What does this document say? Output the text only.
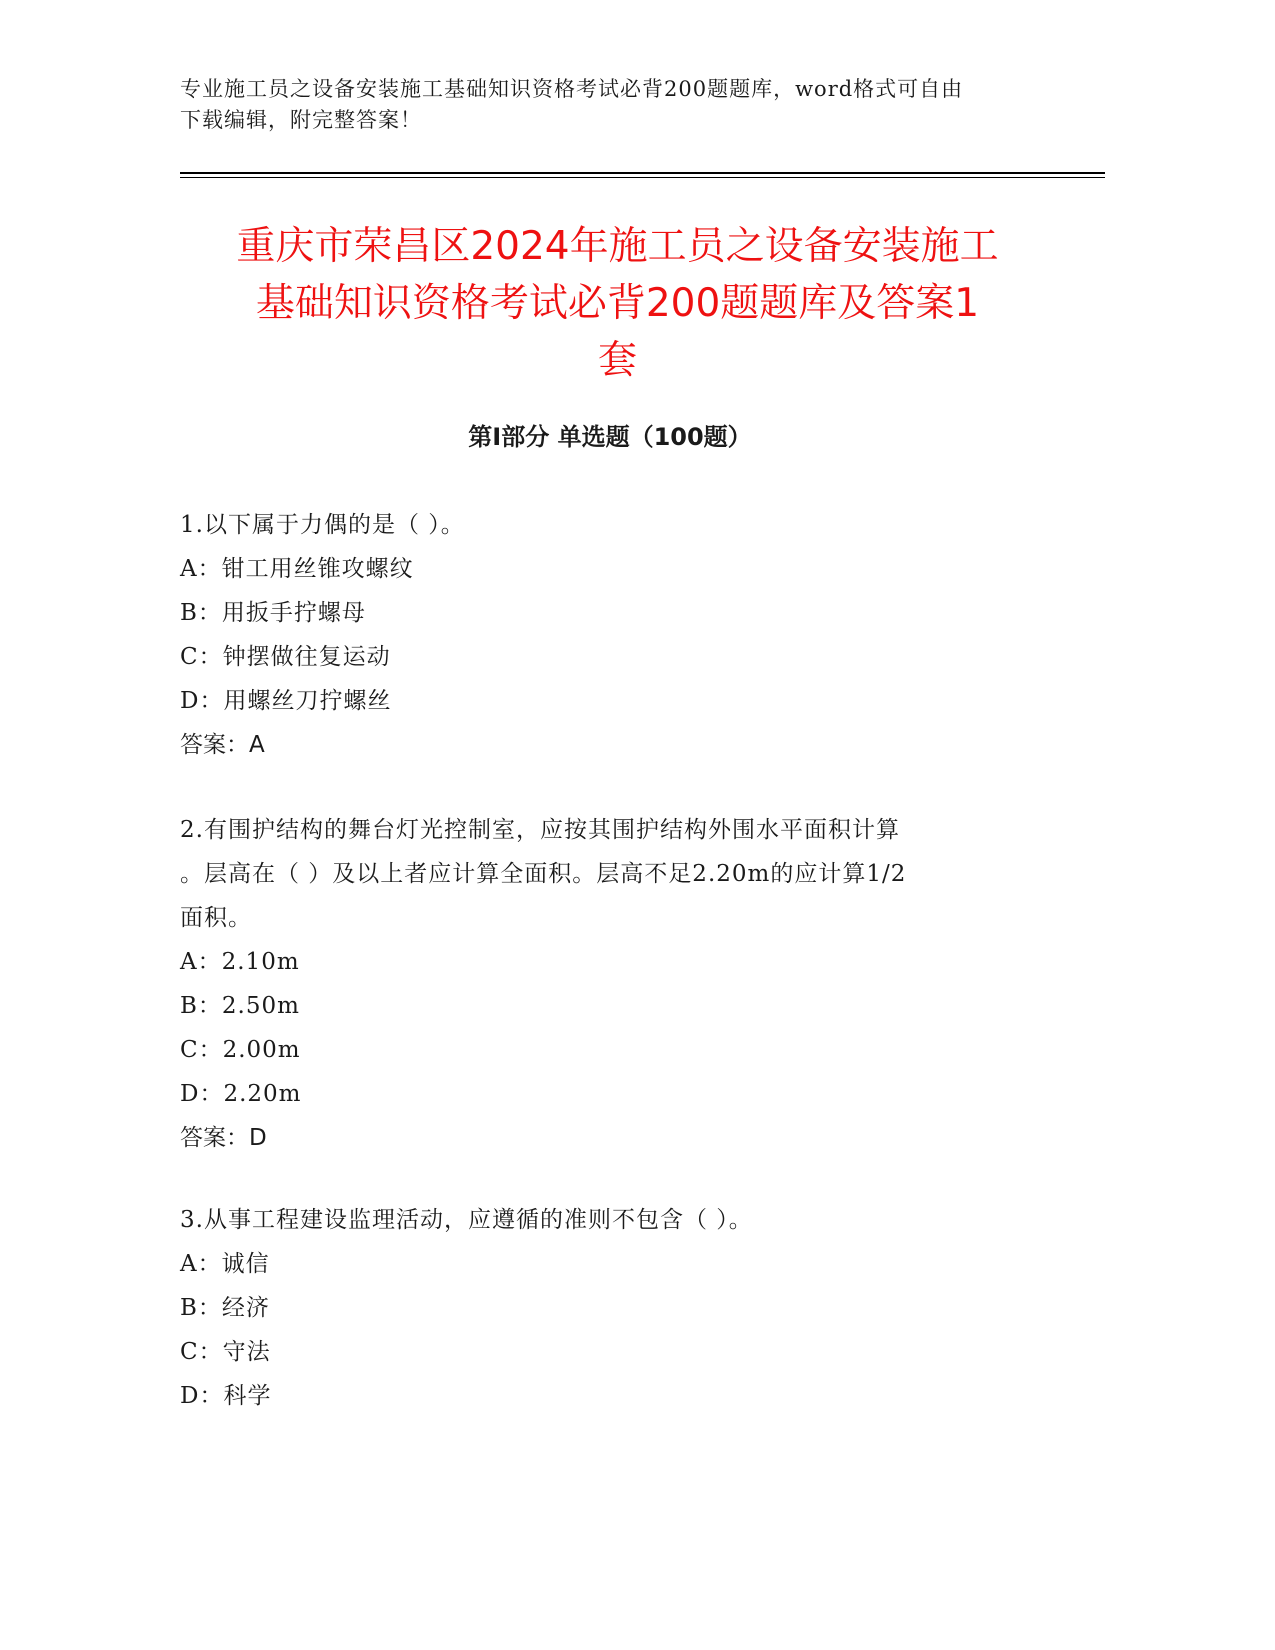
专业施工员之设备安装施工基础知识资格考试必背200题题库，word格式可自由
下载编辑，附完整答案！
重庆市荣昌区2024年施工员之设备安装施工
基础知识资格考试必背200题题库及答案1
套
第I部分 单选题（100题）
1.以下属于力偶的是（ ）。
A：钳工用丝锥攻螺纹
B：用扳手拧螺母
C：钟摆做往复运动
D：用螺丝刀拧螺丝
答案：A
2.有围护结构的舞台灯光控制室，应按其围护结构外围水平面积计算
。层高在（ ）及以上者应计算全面积。层高不足2.20m的应计算1/2
面积。
A：2.10m
B：2.50m
C：2.00m
D：2.20m
答案：D
3.从事工程建设监理活动，应遵循的准则不包含（ ）。
A：诚信
B：经济
C：守法
D：科学
